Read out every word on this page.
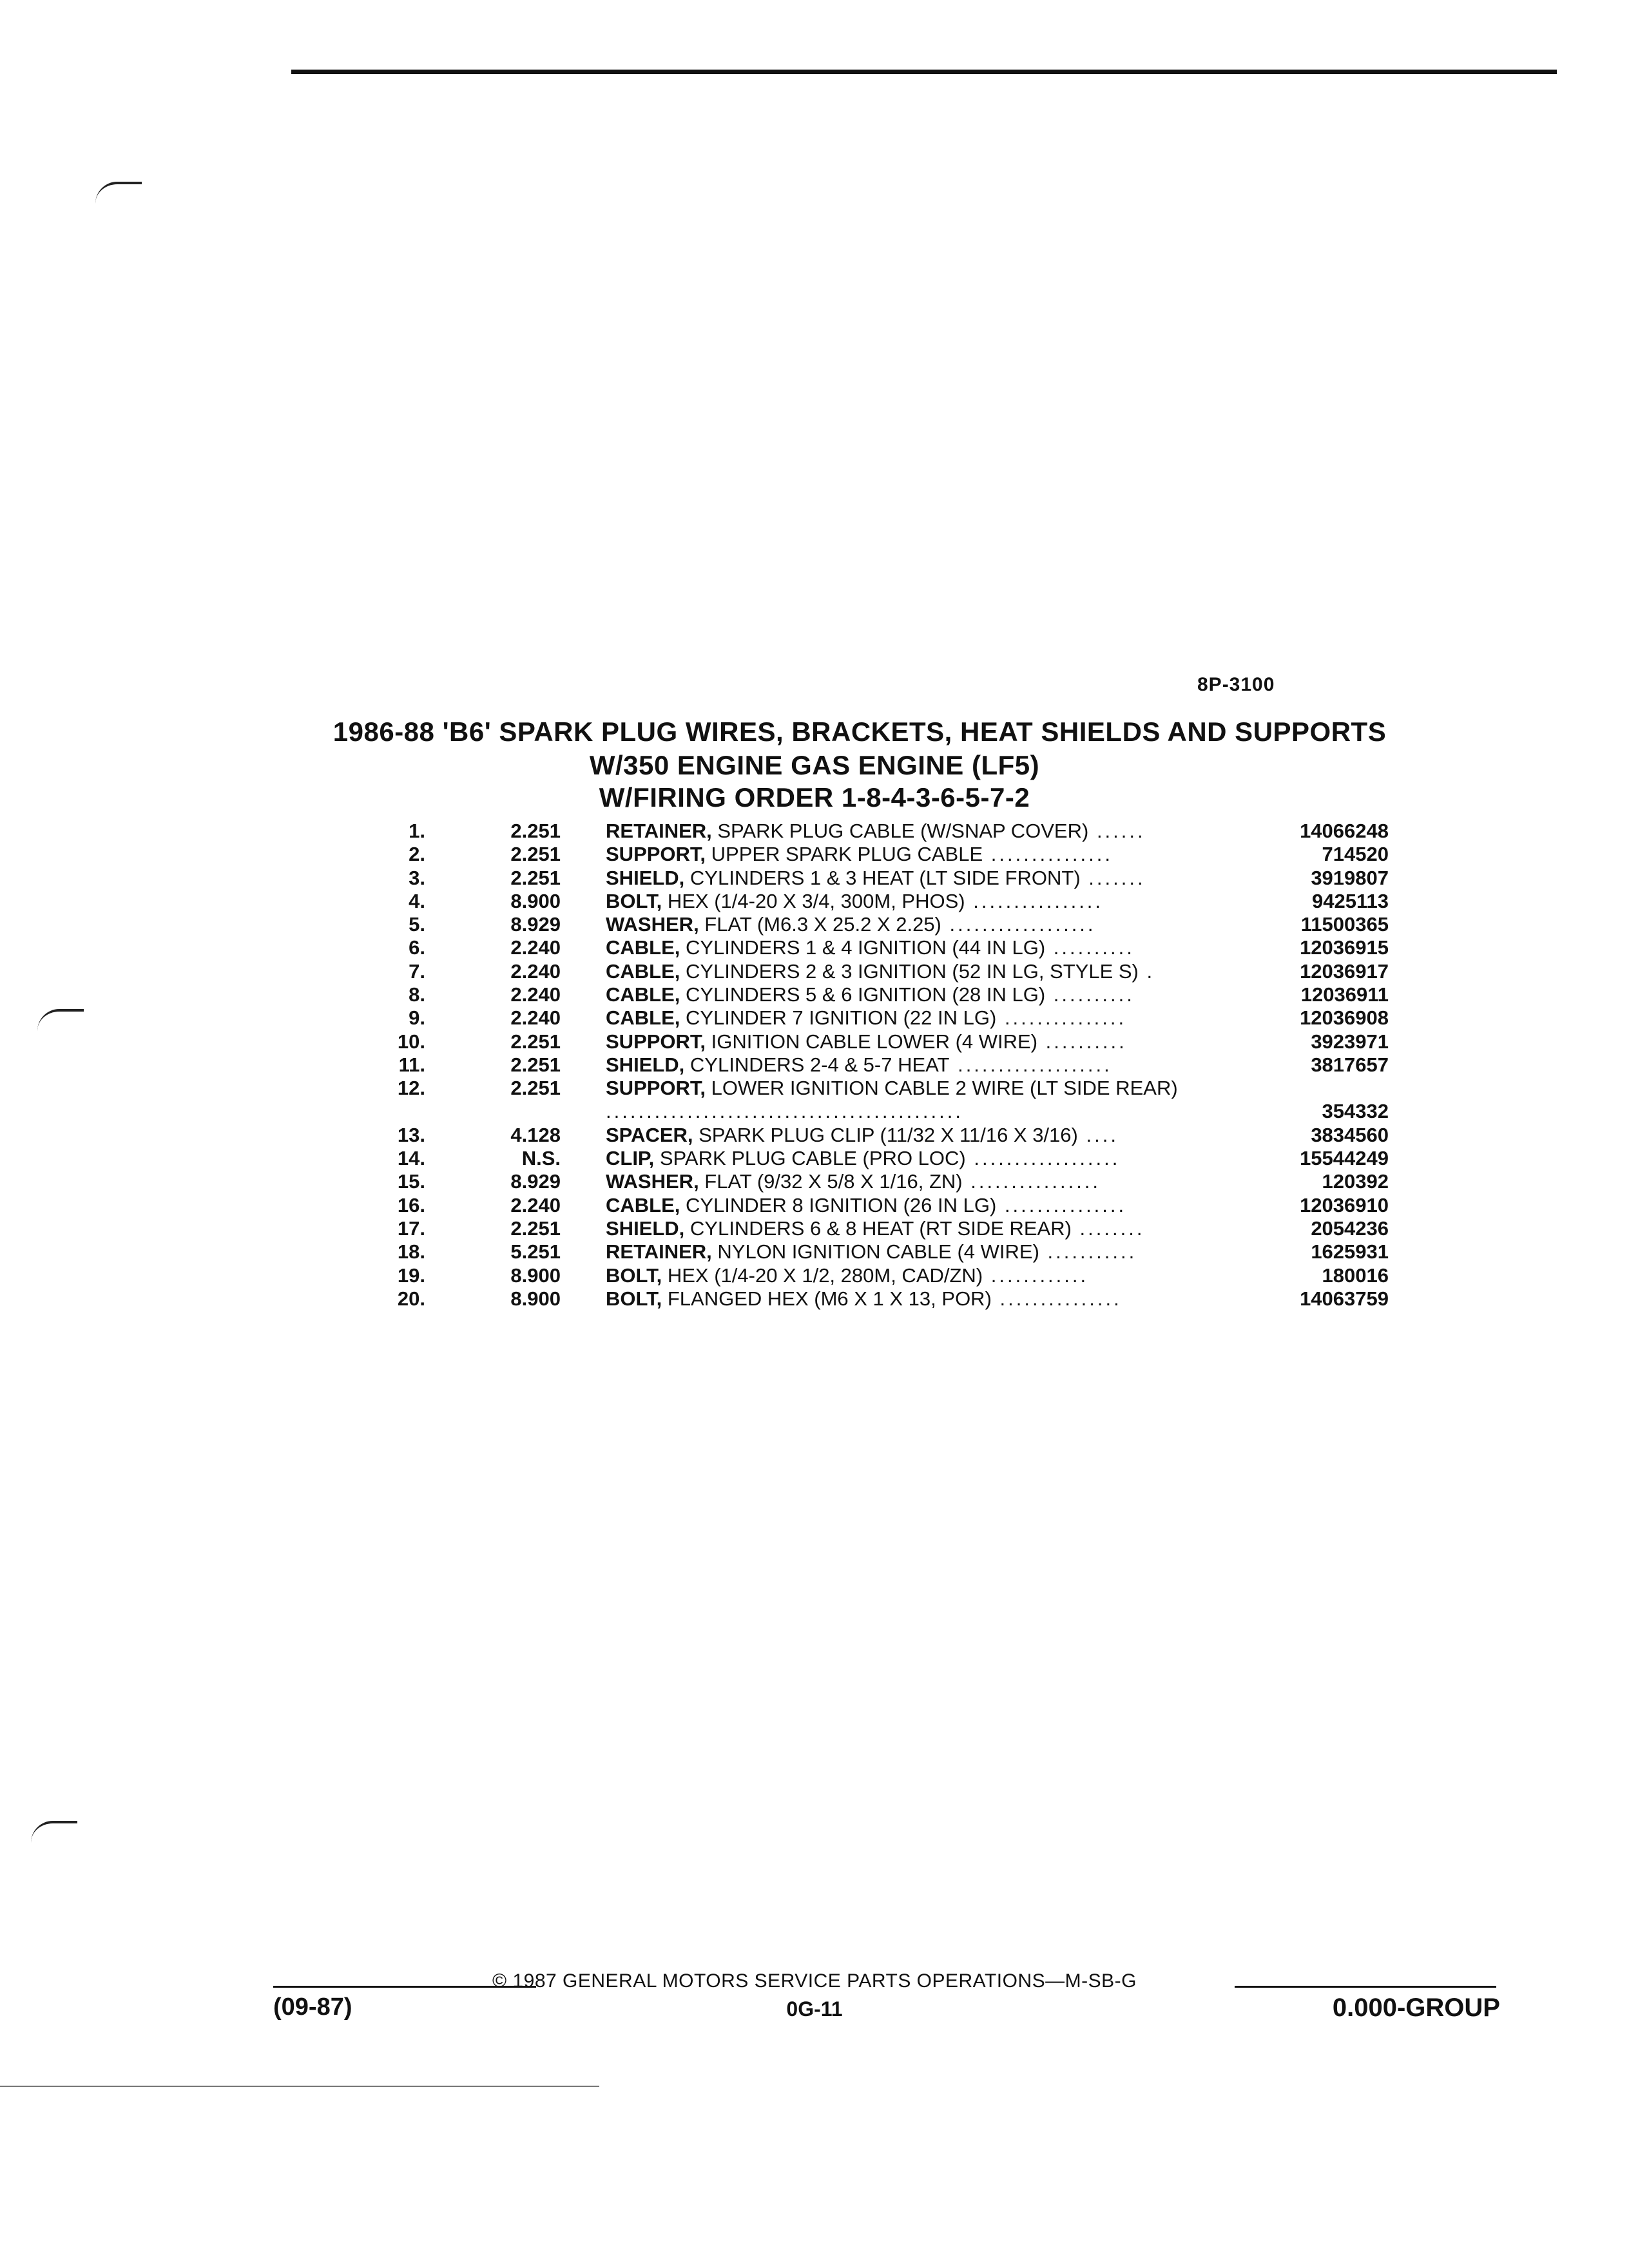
8P-3100
1986-88 'B6' SPARK PLUG WIRES, BRACKETS, HEAT SHIELDS AND SUPPORTS
W/350 ENGINE GAS ENGINE (LF5)
W/FIRING ORDER 1-8-4-3-6-5-7-2
1.	2.251 RETAINER, SPARK PLUG CABLE (W/SNAP COVER) ......	14066248
2.	2.251 SUPPORT, UPPER SPARK PLUG CABLE ...............	714520
3.	2.251 SHIELD, CYLINDERS 1 & 3 HEAT (LT SIDE FRONT) .......	3919807
4.	8.900 BOLT, HEX (1/4-20 X 3/4, 300M, PHOS) ................	9425113
5.	8.929 WASHER, FLAT (M6.3 X 25.2 X 2.25) ..................	11500365
6.	2.240 CABLE, CYLINDERS 1 & 4 IGNITION (44 IN LG) ..........	12036915
7.	2.240 CABLE, CYLINDERS 2 & 3 IGNITION (52 IN LG, STYLE S) .	12036917
8.	2.240 CABLE, CYLINDERS 5 & 6 IGNITION (28 IN LG) ..........	12036911
9.	2.240 CABLE, CYLINDER 7 IGNITION (22 IN LG) ...............	12036908
10.	2.251 SUPPORT, IGNITION CABLE LOWER (4 WIRE) ..........	3923971
11.	2.251 SHIELD, CYLINDERS 2-4 & 5-7 HEAT ...................	3817657
12.	2.251 SUPPORT, LOWER IGNITION CABLE 2 WIRE (LT SIDE REAR) ............................................	354332
13.	4.128 SPACER, SPARK PLUG CLIP (11/32 X 11/16 X 3/16) ....	3834560
14.	N.S. CLIP, SPARK PLUG CABLE (PRO LOC) ..................	15544249
15.	8.929 WASHER, FLAT (9/32 X 5/8 X 1/16, ZN) ................	120392
16.	2.240 CABLE, CYLINDER 8 IGNITION (26 IN LG) ...............	12036910
17.	2.251 SHIELD, CYLINDERS 6 & 8 HEAT (RT SIDE REAR) ........	2054236
18.	5.251 RETAINER, NYLON IGNITION CABLE (4 WIRE) ...........	1625931
19.	8.900 BOLT, HEX (1/4-20 X 1/2, 280M, CAD/ZN) ............	180016
20.	8.900 BOLT, FLANGED HEX (M6 X 1 X 13, POR) ...............	14063759
© 1987 GENERAL MOTORS SERVICE PARTS OPERATIONS—M-SB-G
(09-87)	0G-11	0.000-GROUP
